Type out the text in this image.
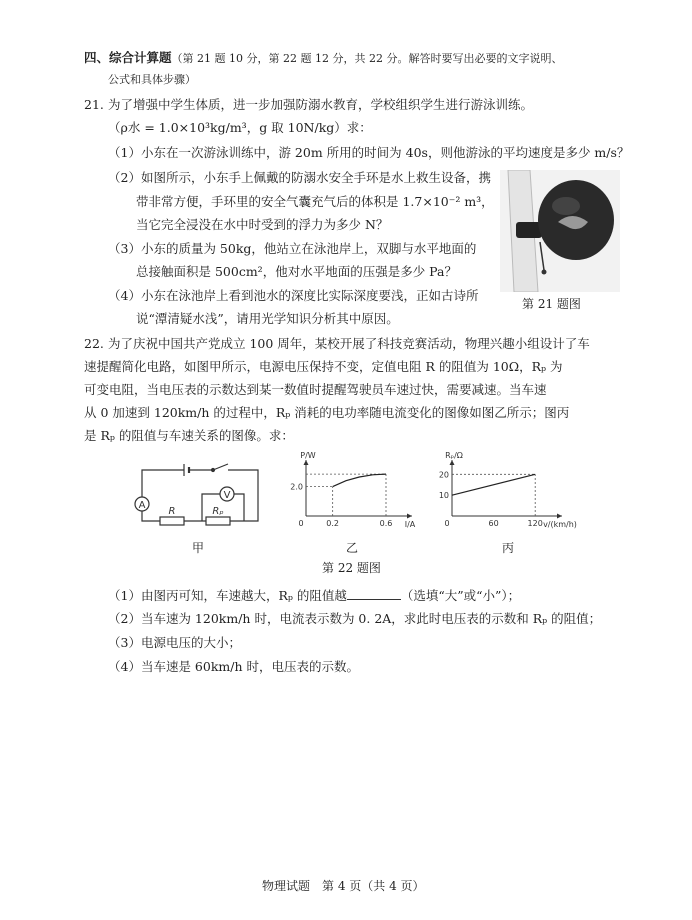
四、综合计算题（第 21 题 10 分，第 22 题 12 分，共 22 分。解答时要写出必要的文字说明、
公式和具体步骤）
21. 为了增强中学生体质，进一步加强防溺水教育，学校组织学生进行游泳训练。
（ρ水 = 1.0×10³kg/m³，g 取 10N/kg）求：
（1）小东在一次游泳训练中，游 20m 所用的时间为 40s，则他游泳的平均速度是多少 m/s？
（2）如图所示，小东手上佩戴的防溺水安全手环是水上救生设备，携
带非常方便，手环里的安全气囊充气后的体积是 1.7×10⁻² m³，
当它完全浸没在水中时受到的浮力为多少 N？
（3）小东的质量为 50kg，他站立在泳池岸上，双脚与水平地面的
总接触面积是 500cm²，他对水平地面的压强是多少 Pa？
（4）小东在泳池岸上看到池水的深度比实际深度要浅，正如古诗所
说“潭清疑水浅”，请用光学知识分析其中原因。
第 21 题图
22. 为了庆祝中国共产党成立 100 周年，某校开展了科技竞赛活动，物理兴趣小组设计了车
速提醒简化电路，如图甲所示，电源电压保持不变，定值电阻 R 的阻值为 10Ω，Rₚ 为
可变电阻，当电压表的示数达到某一数值时提醒驾驶员车速过快，需要减速。当车速
从 0 加速到 120km/h 的过程中，Rₚ 消耗的电功率随电流变化的图像如图乙所示；图丙
是 Rₚ 的阻值与车速关系的图像。求：
A
V
R	Rₚ
甲
I/A
P/W
0	0.2	0.6
2.0
乙
v/(km/h)
Rₚ/Ω
0	60	120
10
20
丙
第 22 题图
（1）由图丙可知，车速越大，Rₚ 的阻值越	（选填“大”或“小”）；
（2）当车速为 120km/h 时，电流表示数为 0. 2A，求此时电压表的示数和 Rₚ 的阻值；
（3）电源电压的大小；
（4）当车速是 60km/h 时，电压表的示数。
物理试题　第 4 页（共 4 页）
